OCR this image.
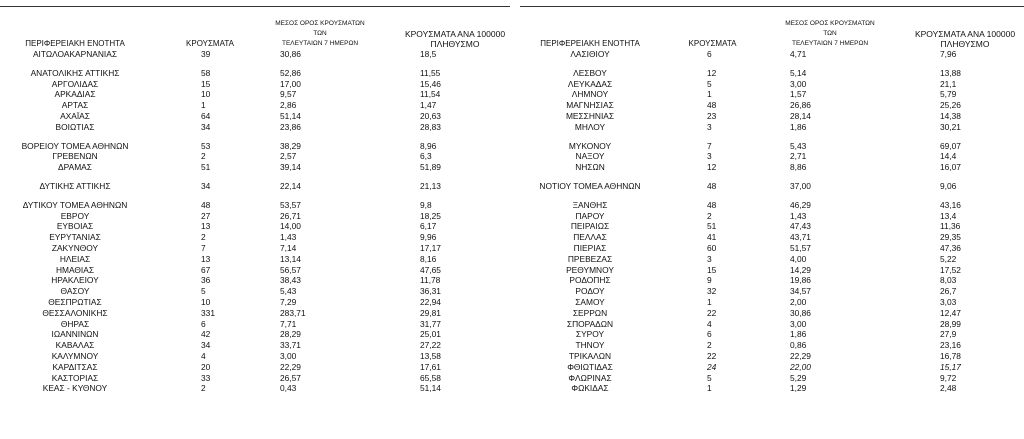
ΠΕΡΙΦΕΡΕΙΑΚΗ ΕΝΟΤΗΤΑ	ΚΡΟΥΣΜΑΤΑ
ΜΕΣΟΣ ΟΡΟΣ ΚΡΟΥΣΜΑΤΩΝ ΤΩΝ
ΤΕΛΕΥΤΑΙΩΝ 7 ΗΜΕΡΩΝ
ΚΡΟΥΣΜΑΤΑ ΑΝΑ 100000
ΠΛΗΘΥΣΜΟ
ΑΙΤΩΛΟΑΚΑΡΝΑΝΙΑΣ	39	30,86	18,5
ΑΝΑΤΟΛΙΚΗΣ ΑΤΤΙΚΗΣ	58	52,86	11,55
ΑΡΓΟΛΙΔΑΣ	15	17,00	15,46
ΑΡΚΑΔΙΑΣ	10	9,57	11,54
ΑΡΤΑΣ	1	2,86	1,47
ΑΧΑΪΑΣ	64	51,14	20,63
ΒΟΙΩΤΙΑΣ	34	23,86	28,83
ΒΟΡΕΙΟΥ ΤΟΜΕΑ ΑΘΗΝΩΝ	53	38,29	8,96
ΓΡΕΒΕΝΩΝ	2	2,57	6,3
ΔΡΑΜΑΣ	51	39,14	51,89
ΔΥΤΙΚΗΣ ΑΤΤΙΚΗΣ	34	22,14	21,13
ΔΥΤΙΚΟΥ ΤΟΜΕΑ ΑΘΗΝΩΝ	48	53,57	9,8
ΕΒΡΟΥ	27	26,71	18,25
ΕΥΒΟΙΑΣ	13	14,00	6,17
ΕΥΡΥΤΑΝΙΑΣ	2	1,43	9,96
ΖΑΚΥΝΘΟΥ	7	7,14	17,17
ΗΛΕΙΑΣ	13	13,14	8,16
ΗΜΑΘΙΑΣ	67	56,57	47,65
ΗΡΑΚΛΕΙΟΥ	36	38,43	11,78
ΘΑΣΟΥ	5	5,43	36,31
ΘΕΣΠΡΩΤΙΑΣ	10	7,29	22,94
ΘΕΣΣΑΛΟΝΙΚΗΣ	331	283,71	29,81
ΘΗΡΑΣ	6	7,71	31,77
ΙΩΑΝΝΙΝΩΝ	42	28,29	25,01
ΚΑΒΑΛΑΣ	34	33,71	27,22
ΚΑΛΥΜΝΟΥ	4	3,00	13,58
ΚΑΡΔΙΤΣΑΣ	20	22,29	17,61
ΚΑΣΤΟΡΙΑΣ	33	26,57	65,58
ΚΕΑΣ - ΚΥΘΝΟΥ	2	0,43	51,14
ΠΕΡΙΦΕΡΕΙΑΚΗ ΕΝΟΤΗΤΑ	ΚΡΟΥΣΜΑΤΑ
ΜΕΣΟΣ ΟΡΟΣ ΚΡΟΥΣΜΑΤΩΝ ΤΩΝ
ΤΕΛΕΥΤΑΙΩΝ 7 ΗΜΕΡΩΝ
ΚΡΟΥΣΜΑΤΑ ΑΝΑ 100000
ΠΛΗΘΥΣΜΟ
ΛΑΣΙΘΙΟΥ	6	4,71	7,96
ΛΕΣΒΟΥ	12	5,14	13,88
ΛΕΥΚΑΔΑΣ	5	3,00	21,1
ΛΗΜΝΟΥ	1	1,57	5,79
ΜΑΓΝΗΣΙΑΣ	48	26,86	25,26
ΜΕΣΣΗΝΙΑΣ	23	28,14	14,38
ΜΗΛΟΥ	3	1,86	30,21
ΜΥΚΟΝΟΥ	7	5,43	69,07
ΝΑΞΟΥ	3	2,71	14,4
ΝΗΣΩΝ	12	8,86	16,07
ΝΟΤΙΟΥ ΤΟΜΕΑ ΑΘΗΝΩΝ	48	37,00	9,06
ΞΑΝΘΗΣ	48	46,29	43,16
ΠΑΡΟΥ	2	1,43	13,4
ΠΕΙΡΑΙΩΣ	51	47,43	11,36
ΠΕΛΛΑΣ	41	43,71	29,35
ΠΙΕΡΙΑΣ	60	51,57	47,36
ΠΡΕΒΕΖΑΣ	3	4,00	5,22
ΡΕΘΥΜΝΟΥ	15	14,29	17,52
ΡΟΔΟΠΗΣ	9	19,86	8,03
ΡΟΔΟΥ	32	34,57	26,7
ΣΑΜΟΥ	1	2,00	3,03
ΣΕΡΡΩΝ	22	30,86	12,47
ΣΠΟΡΑΔΩΝ	4	3,00	28,99
ΣΥΡΟΥ	6	1,86	27,9
ΤΗΝΟΥ	2	0,86	23,16
ΤΡΙΚΑΛΩΝ	22	22,29	16,78
ΦΘΙΩΤΙΔΑΣ	24	22,00	15,17
ΦΛΩΡΙΝΑΣ	5	5,29	9,72
ΦΩΚΙΔΑΣ	1	1,29	2,48
